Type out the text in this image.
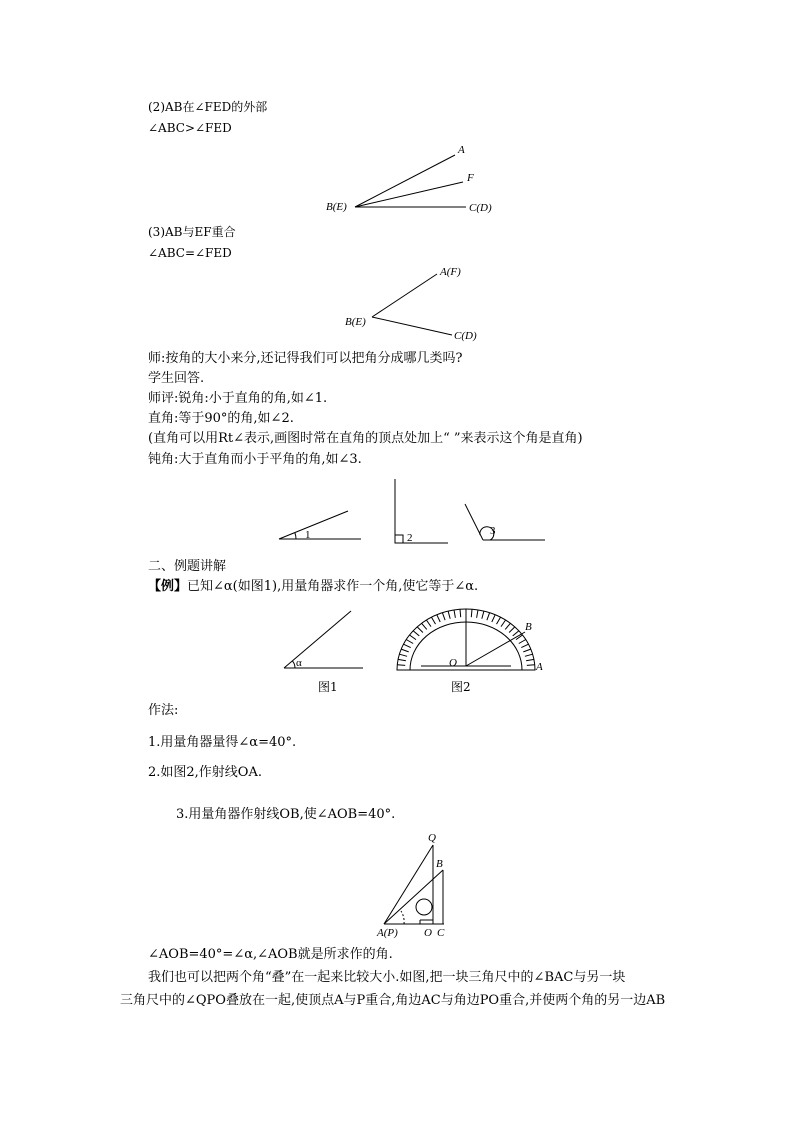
(2)AB在∠FED的外部
∠ABC>∠FED
A
F
B(E)	C(D)
(3)AB与EF重合
∠ABC=∠FED
A(F)
B(E)
C(D)
师:按角的大小来分,还记得我们可以把角分成哪几类吗?
学生回答.
师评:锐角:小于直角的角,如∠1.
直角:等于90°的角,如∠2.
(直角可以用Rt∠表示,画图时常在直角的顶点处加上“ ”来表示这个角是直角)
钝角:大于直角而小于平角的角,如∠3.
1	2
3
二、例题讲解
【例】已知∠α(如图1),用量角器求作一个角,使它等于∠α.
α
图1
O	A
B
图2
作法:
1.用量角器量得∠α=40°.
2.如图2,作射线OA.
3.用量角器作射线OB,使∠AOB=40°.
Q
B
A(P) O C
∠AOB=40°=∠α,∠AOB就是所求作的角.
我们也可以把两个角“叠”在一起来比较大小.如图,把一块三角尺中的∠BAC与另一块
三角尺中的∠QPO叠放在一起,使顶点A与P重合,角边AC与角边PO重合,并使两个角的另一边AB
